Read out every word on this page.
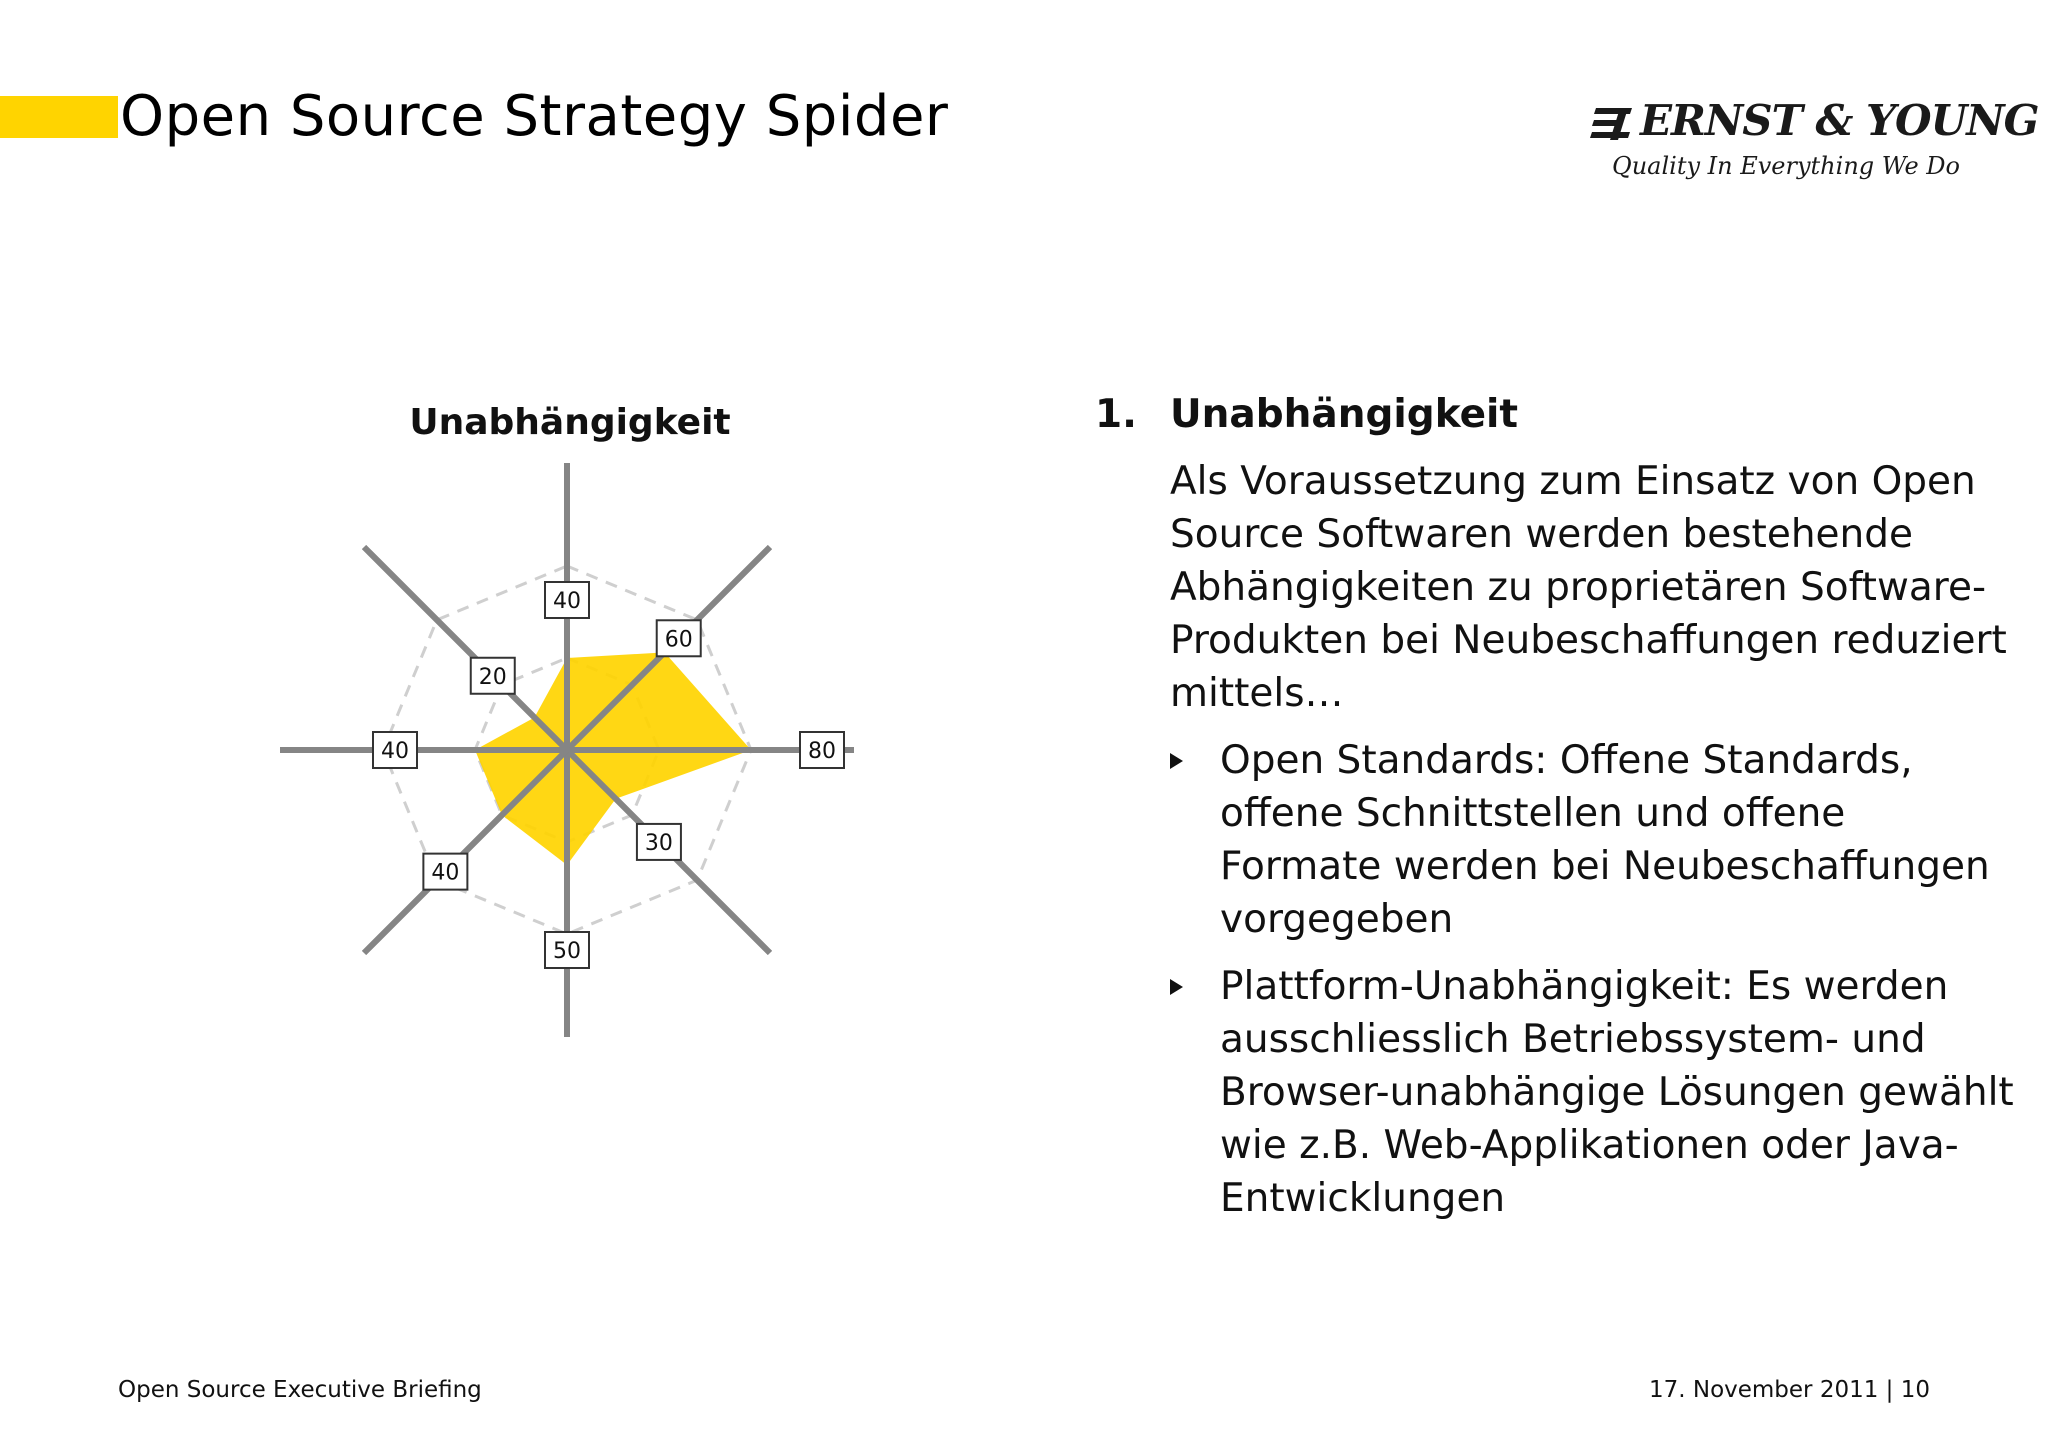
Open Source Strategy Spider	ERNST & YOUNG
Quality In Everything We Do
Unabhängigkeit
40
60
80
30
50
40
40
20
1. Unabhängigkeit
Als Voraussetzung zum Einsatz von Open Source Softwaren werden bestehende Abhängigkeiten zu proprietären Software-Produkten bei Neubeschaffungen reduziert mittels…
Open Standards: Offene Standards, offene Schnittstellen und offene Formate werden bei Neubeschaffungen vorgegeben
Plattform-Unabhängigkeit: Es werden ausschliesslich Betriebssystem- und Browser-unabhängige Lösungen gewählt wie z.B. Web-Applikationen oder Java-Entwicklungen
Open Source Executive Briefing	17. November 2011 | 10
